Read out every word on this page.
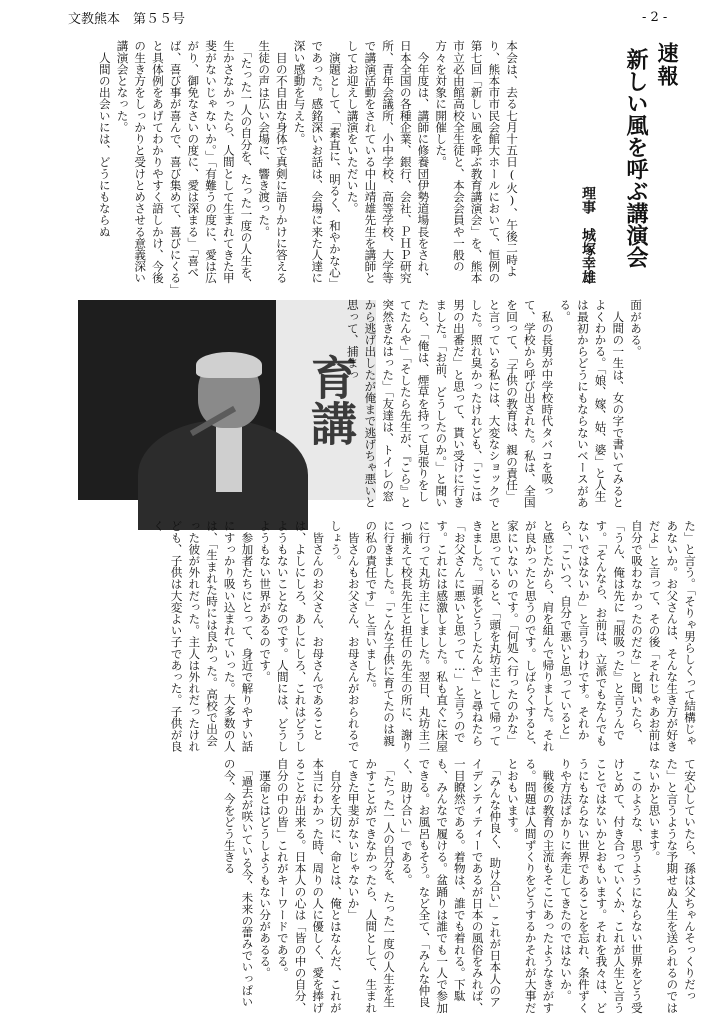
文教熊本　第５５号	- 2 -
速報
新しい風を呼ぶ講演会
理事　城塚幸雄
本会は、去る七月十五日(火)、午後二時より、熊本市市民会館大ホールにおいて、恒例の第七回「新しい風を呼ぶ教育講演会」を、熊本市立必由館高校全生徒と、本会会員や一般の方々を対象に開催した。
　今年度は、講師に修養団伊勢道場長をされ、日本全国の各種企業、銀行、会社、ＰＨＰ研究所、青年会議所、小中学校、高等学校、大学等で講演活動をされている中山靖雄先生を講師としてお迎えし講演をいただいた。
　演題として、「素直に、明るく、和やかな心」であった。感銘深いお話は、会場に来た人達に深い感動を与えた。
　目の不自由な身体で真剣に語りかけに答える生徒の声は広い会場に、響き渡った。
　「たった一人の自分を、たった一度の人生を、生かさなかったら、人間として生まれてきた甲斐がないじゃないか。」「有難うの度に、愛は広がり、御免なさいの度に、愛は深まる」「喜べば、喜び事が喜んで、喜び集めて、喜びにくる」と具体例をあげてわかりやすく語しかけ、今後の生き方をしっかりと受けとめさせる意義深い講演会となった。
　人間の出会いには、どうにもならぬ
育講
面がある。
　人間の一生は、女の字で書いてみるとよくわかる。「娘、嫁、姑、婆」と人生は最初からどうにもならないベースがある。
　私の長男が中学校時代タバコを吸って、学校から呼び出された。私は、全国を回って、「子供の教育は、親の責任」と言っている私には、大変なショックでした。照れ臭かったけれども、「ここは男の出番だ」と思って、貰い受けに行きました。「お前、どうしたのか。」と聞いたら、「俺は、煙草を持って見張りをしてたんや」「そしたら先生が、『こら』と突然きなはった」「友達は、トイレの窓から逃げ出したが俺まで逃げちゃ悪いと思って、捕まっ
た」と言う。「そりゃ男らしくって結構じゃあないか。お父さんは、そんな生き方が好きだよ」と言って、その後「それじゃあお前は自分で吸わなかったのだな」と聞いたら、「うん、俺は先に『服吸った』と言うんです。「そんなら、お前は、立派でもなんでもないではないか」と言うわけです。それから、「こいつ、自分で悪いと思っていると」と感じたから、肩を組んで帰りました。それが良かったと思うのです。しばらくすると、家にいないのです。「何処へ行ったのかな」と思っていると、「頭を丸坊主にして帰ってきました。「頭をどうしたんや」と尋ねたら「お父さんに悪いと思って…」と言うのです。これには感激しました。私も直ぐに床屋に行って丸坊主にしました。翌日、丸坊主二つ揃えて校長先生と担任の先生の所に、謝りに行きました。「こんな子供に育てたのは親の私の責任です」と言いました。
　皆さんもお父さん、お母さんがおられるでしょう。
　皆さんのお父さん、お母さんであることは、よしにしろ、あしにしろ、これはどうしようもないことなのです。人間には、どうしようもない世界があるのです。
　参加者たちにとって、身近で解りやすい話にすっかり吸い込まれていった。大多数の人は、「生まれた時には良かった。高校で出会った彼が外れだった。主人は外れだったけれども、子供は大変よい子であった。子供が良く
て安心していたら、孫は父ちゃんそっくりだった」と言うような予期せぬ人生を送られるのではないかと思います。
　このような、思うようにならない世界をどう受けとめて、付き合っていくか、これが人生と言うことではないかとおもいます。それを我々は、どうにもならない世界であることを忘れ、条件ずくりや方法ばかりに奔走してきたのではないか。
　戦後の教育の主流もそこにあったようなきがする。問題は人間ずくりをどうするかそれが大事だとおもいます。
　「みんな仲良く、助け合い」これが日本人のアイデンティティーであるが日本の風俗をみれば、一目瞭然である。着物は、誰でも着れる。下駄も、みんなで履ける。盆踊りは誰でも一人で参加できる。お風呂もそう。など全て、「みんな仲良く、助け合い」である。
　「たった一人の自分を、たった一度の人生を生かすことができなかったら、人間として、生まれてきた甲斐がないじゃないか」
　自分を大切に、命とは、俺とはなんだ、これが本当にわかった時、周りの人に優しく、愛を捧げることが出来る。日本人の心は「皆の中の自分、自分の中の皆」これがキーワードである。
　運命とはどうしようもない分があるる。
　「過去が咲いている今、未来の蕾みでいっぱいの今、今をどう生きる
